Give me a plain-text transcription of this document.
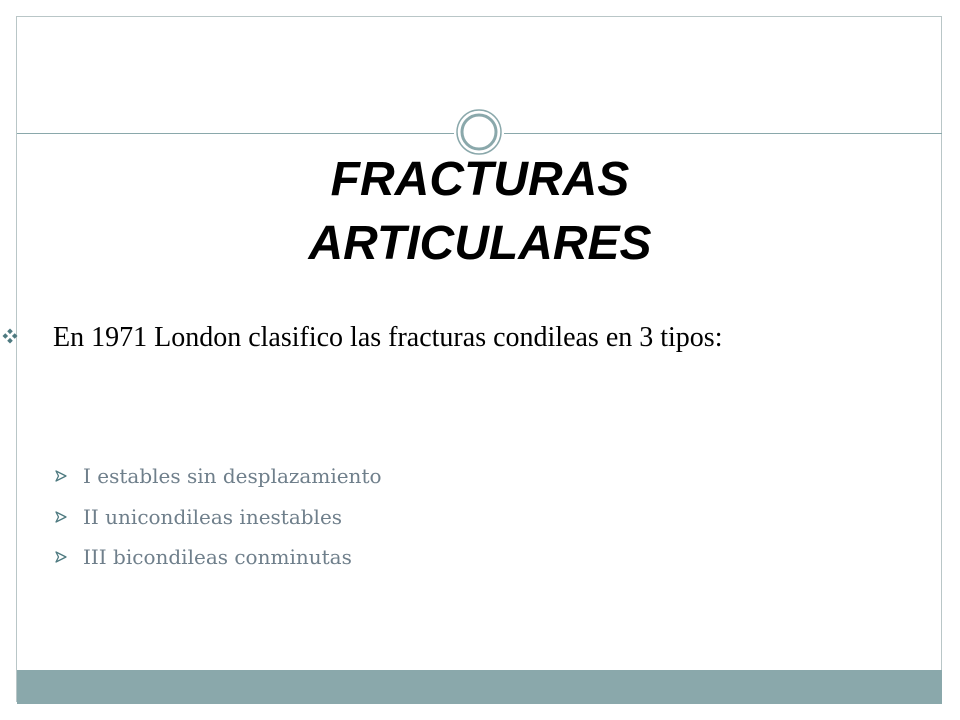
FRACTURAS
ARTICULARES
En 1971 London clasifico las fracturas condileas en 3 tipos:
I estables sin desplazamiento
II unicondileas inestables
III bicondileas conminutas
